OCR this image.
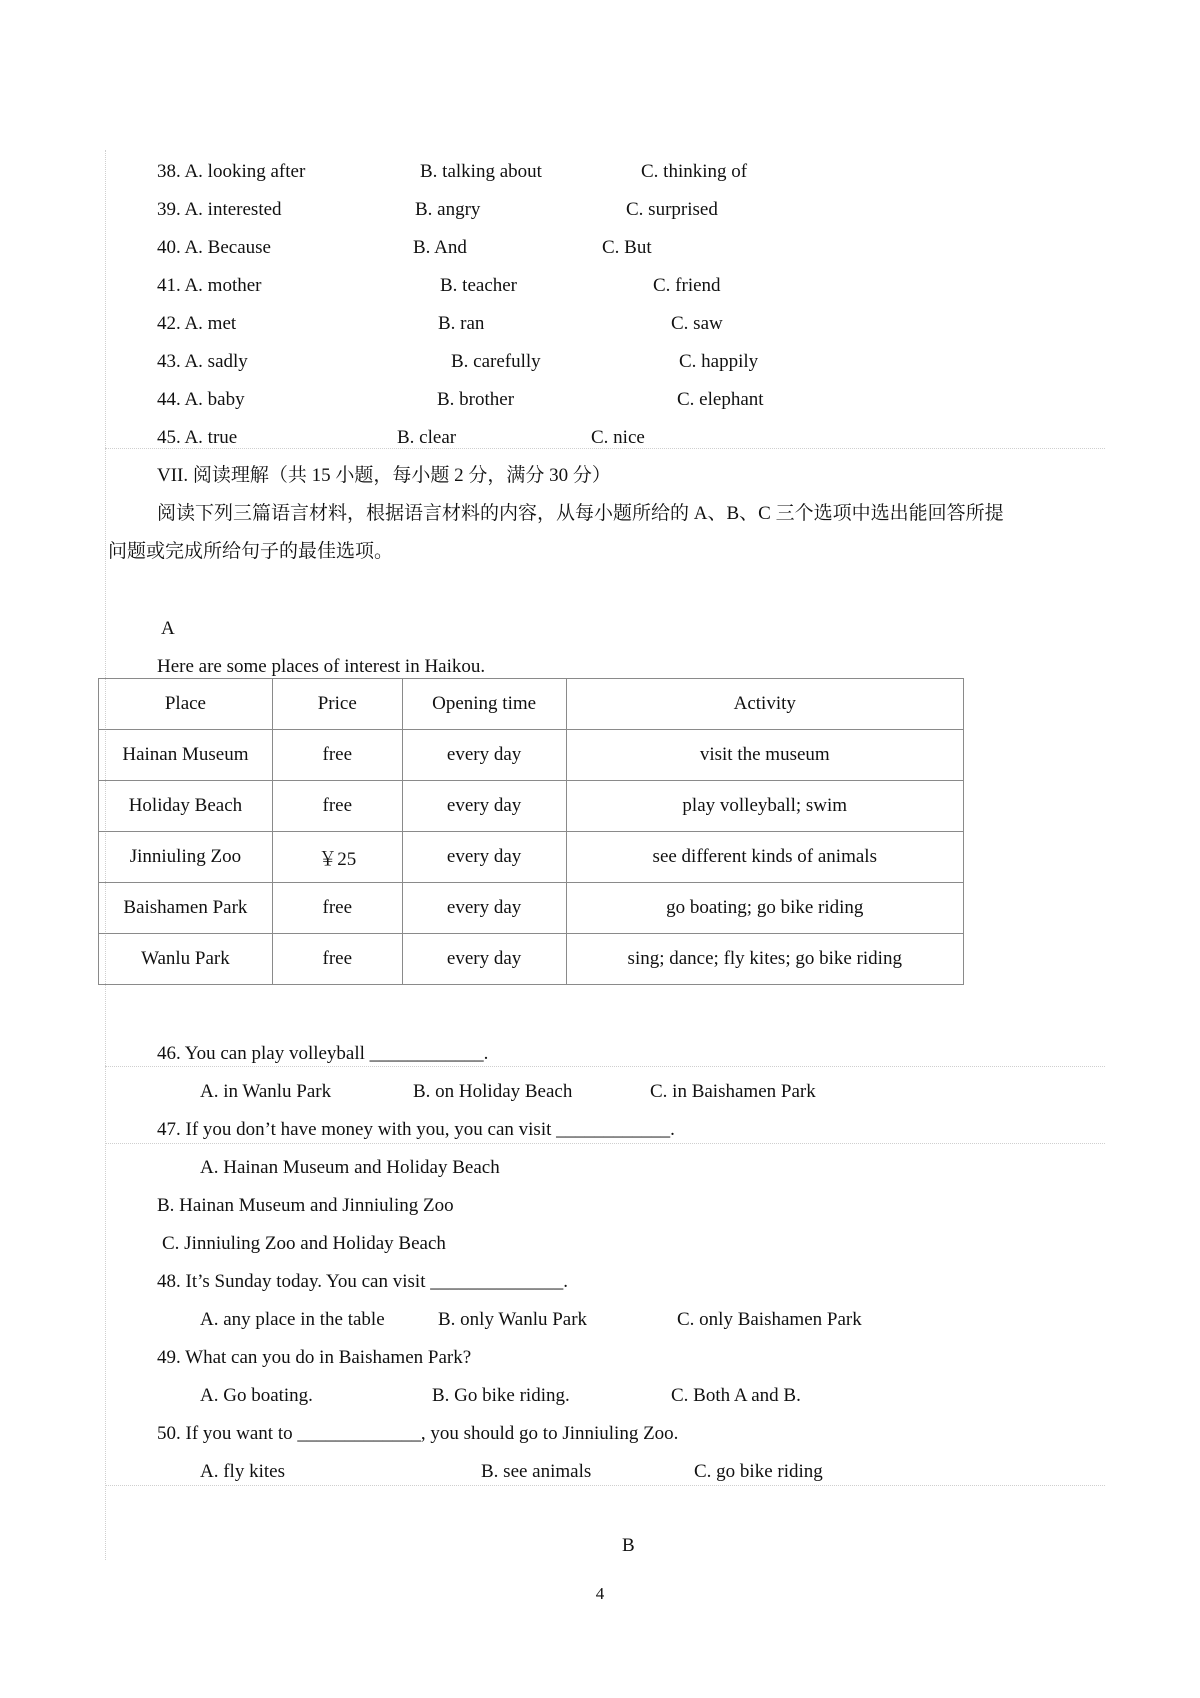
38. A. looking after	B. talking about	C. thinking of
39. A. interested	B. angry	C. surprised
40. A. Because	B. And	C. But
41. A. mother	B. teacher	C. friend
42. A. met	B. ran	C. saw
43. A. sadly	B. carefully	C. happily
44. A. baby	B. brother	C. elephant
45. A. true	B. clear	C. nice
VII. 阅读理解（共 15 小题，每小题 2 分，满分 30 分）
阅读下列三篇语言材料，根据语言材料的内容，从每小题所给的 A、B、C 三个选项中选出能回答所提
问题或完成所给句子的最佳选项。
A
Here are some places of interest in Haikou.
Place	Price	Opening time	Activity
Hainan Museum	free	every day	visit the museum
Holiday Beach	free	every day	play volleyball; swim
Jinniuling Zoo	￥25	every day	see different kinds of animals
Baishamen Park	free	every day	go boating; go bike riding
Wanlu Park	free	every day	sing; dance; fly kites; go bike riding
46. You can play volleyball ____________.
A. in Wanlu Park	B. on Holiday Beach	C. in Baishamen Park
47. If you don’t have money with you, you can visit ____________.
A. Hainan Museum and Holiday Beach
B. Hainan Museum and Jinniuling Zoo
C. Jinniuling Zoo and Holiday Beach
48. It’s Sunday today. You can visit ______________.
A. any place in the table	B. only Wanlu Park	C. only Baishamen Park
49. What can you do in Baishamen Park?
A. Go boating.	B. Go bike riding.	C. Both A and B.
50. If you want to _____________, you should go to Jinniuling Zoo.
A. fly kites	B. see animals	C. go bike riding
B
4
